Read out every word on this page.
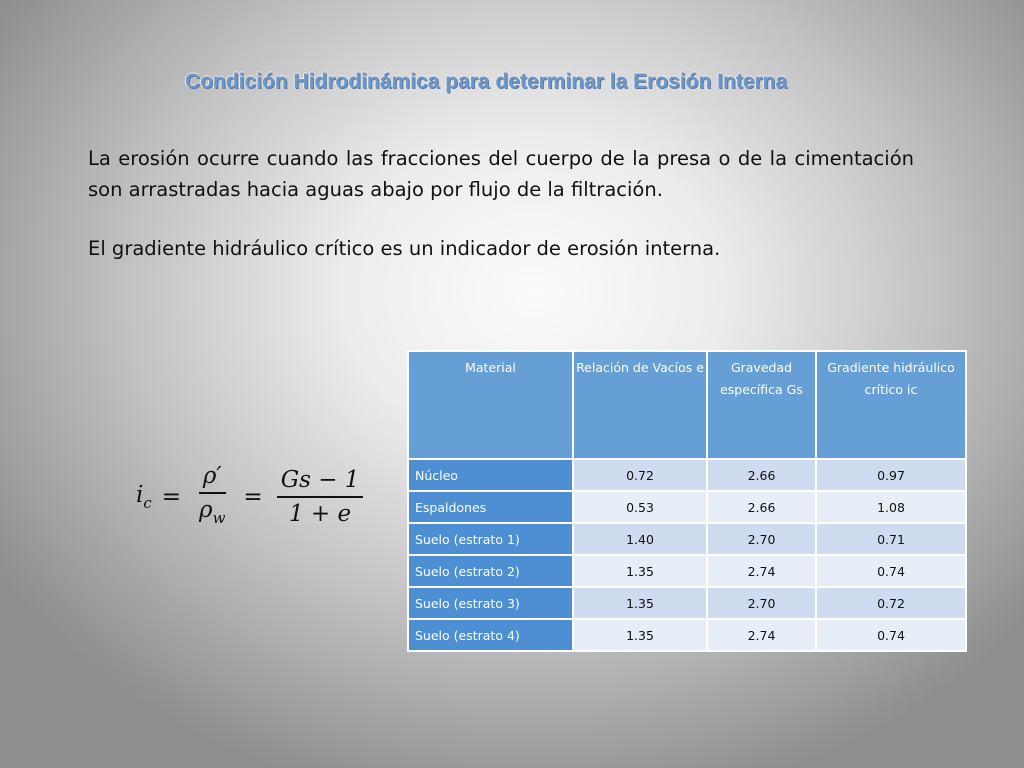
Condición Hidrodinámica para determinar la Erosión Interna

La erosión ocurre cuando las fracciones del cuerpo de la presa o de la cimentación son arrastradas hacia aguas abajo por flujo de la filtración.

El gradiente hidráulico crítico es un indicador de erosión interna.

$i_c = \frac{\rho'}{\rho_w} = \frac{Gs - 1}{1 + e}$
Material	Relación de Vacíos e	Gravedad específica Gs	Gradiente hidráulico crítico ic
Núcleo	0.72	2.66	0.97
Espaldones	0.53	2.66	1.08
Suelo (estrato 1)	1.40	2.70	0.71
Suelo (estrato 2)	1.35	2.74	0.74
Suelo (estrato 3)	1.35	2.70	0.72
Suelo (estrato 4)	1.35	2.74	0.74
